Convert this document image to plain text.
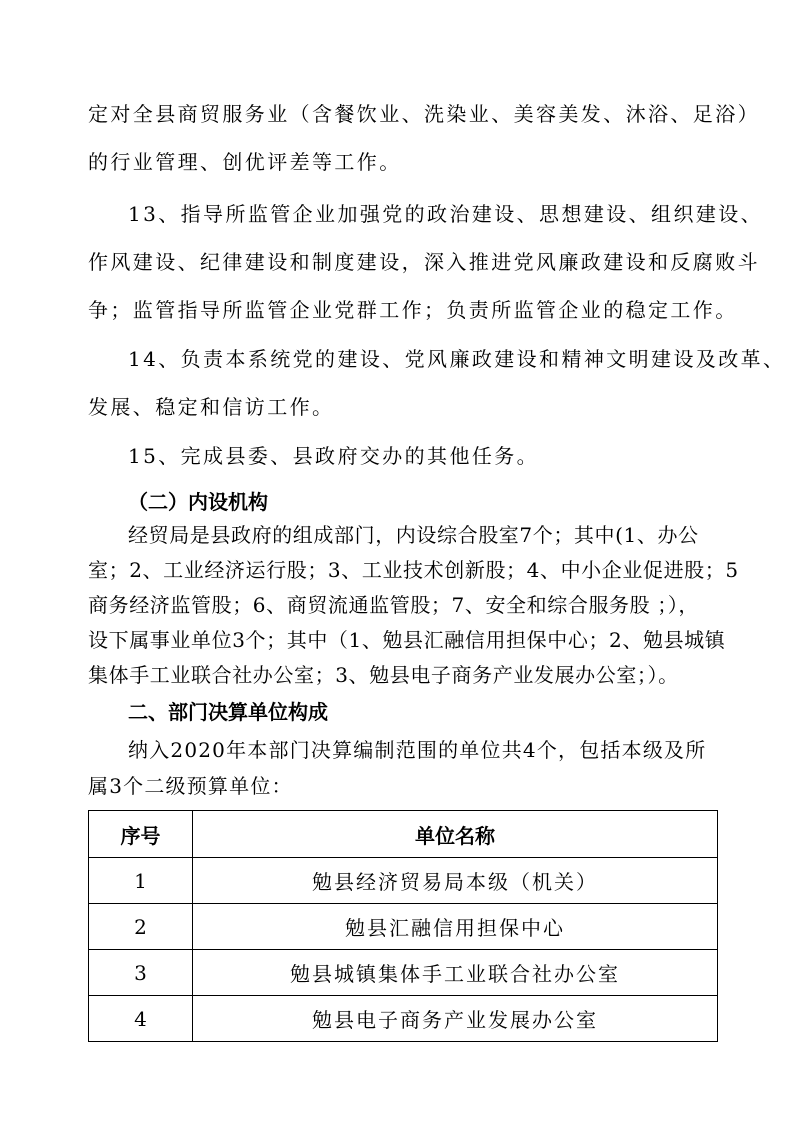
定对全县商贸服务业（含餐饮业、洗染业、美容美发、沐浴、足浴）
的行业管理、创优评差等工作。
13、指导所监管企业加强党的政治建设、思想建设、组织建设、
作风建设、纪律建设和制度建设，深入推进党风廉政建设和反腐败斗
争；监管指导所监管企业党群工作；负责所监管企业的稳定工作。
14、负责本系统党的建设、党风廉政建设和精神文明建设及改革、
发展、稳定和信访工作。
15、完成县委、县政府交办的其他任务。
（二）内设机构
经贸局是县政府的组成部门，内设综合股室7个；其中(1、办公
室；2、工业经济运行股；3、工业技术创新股；4、中小企业促进股；5
商务经济监管股；6、商贸流通监管股；7、安全和综合服务股 ；），
设下属事业单位3个；其中（1、勉县汇融信用担保中心；2、勉县城镇
集体手工业联合社办公室；3、勉县电子商务产业发展办公室；）。
二、部门决算单位构成
纳入2020年本部门决算编制范围的单位共4个，包括本级及所
属3个二级预算单位：
序号	单位名称
1	勉县经济贸易局本级（机关）
2	勉县汇融信用担保中心
3	勉县城镇集体手工业联合社办公室
4	勉县电子商务产业发展办公室
